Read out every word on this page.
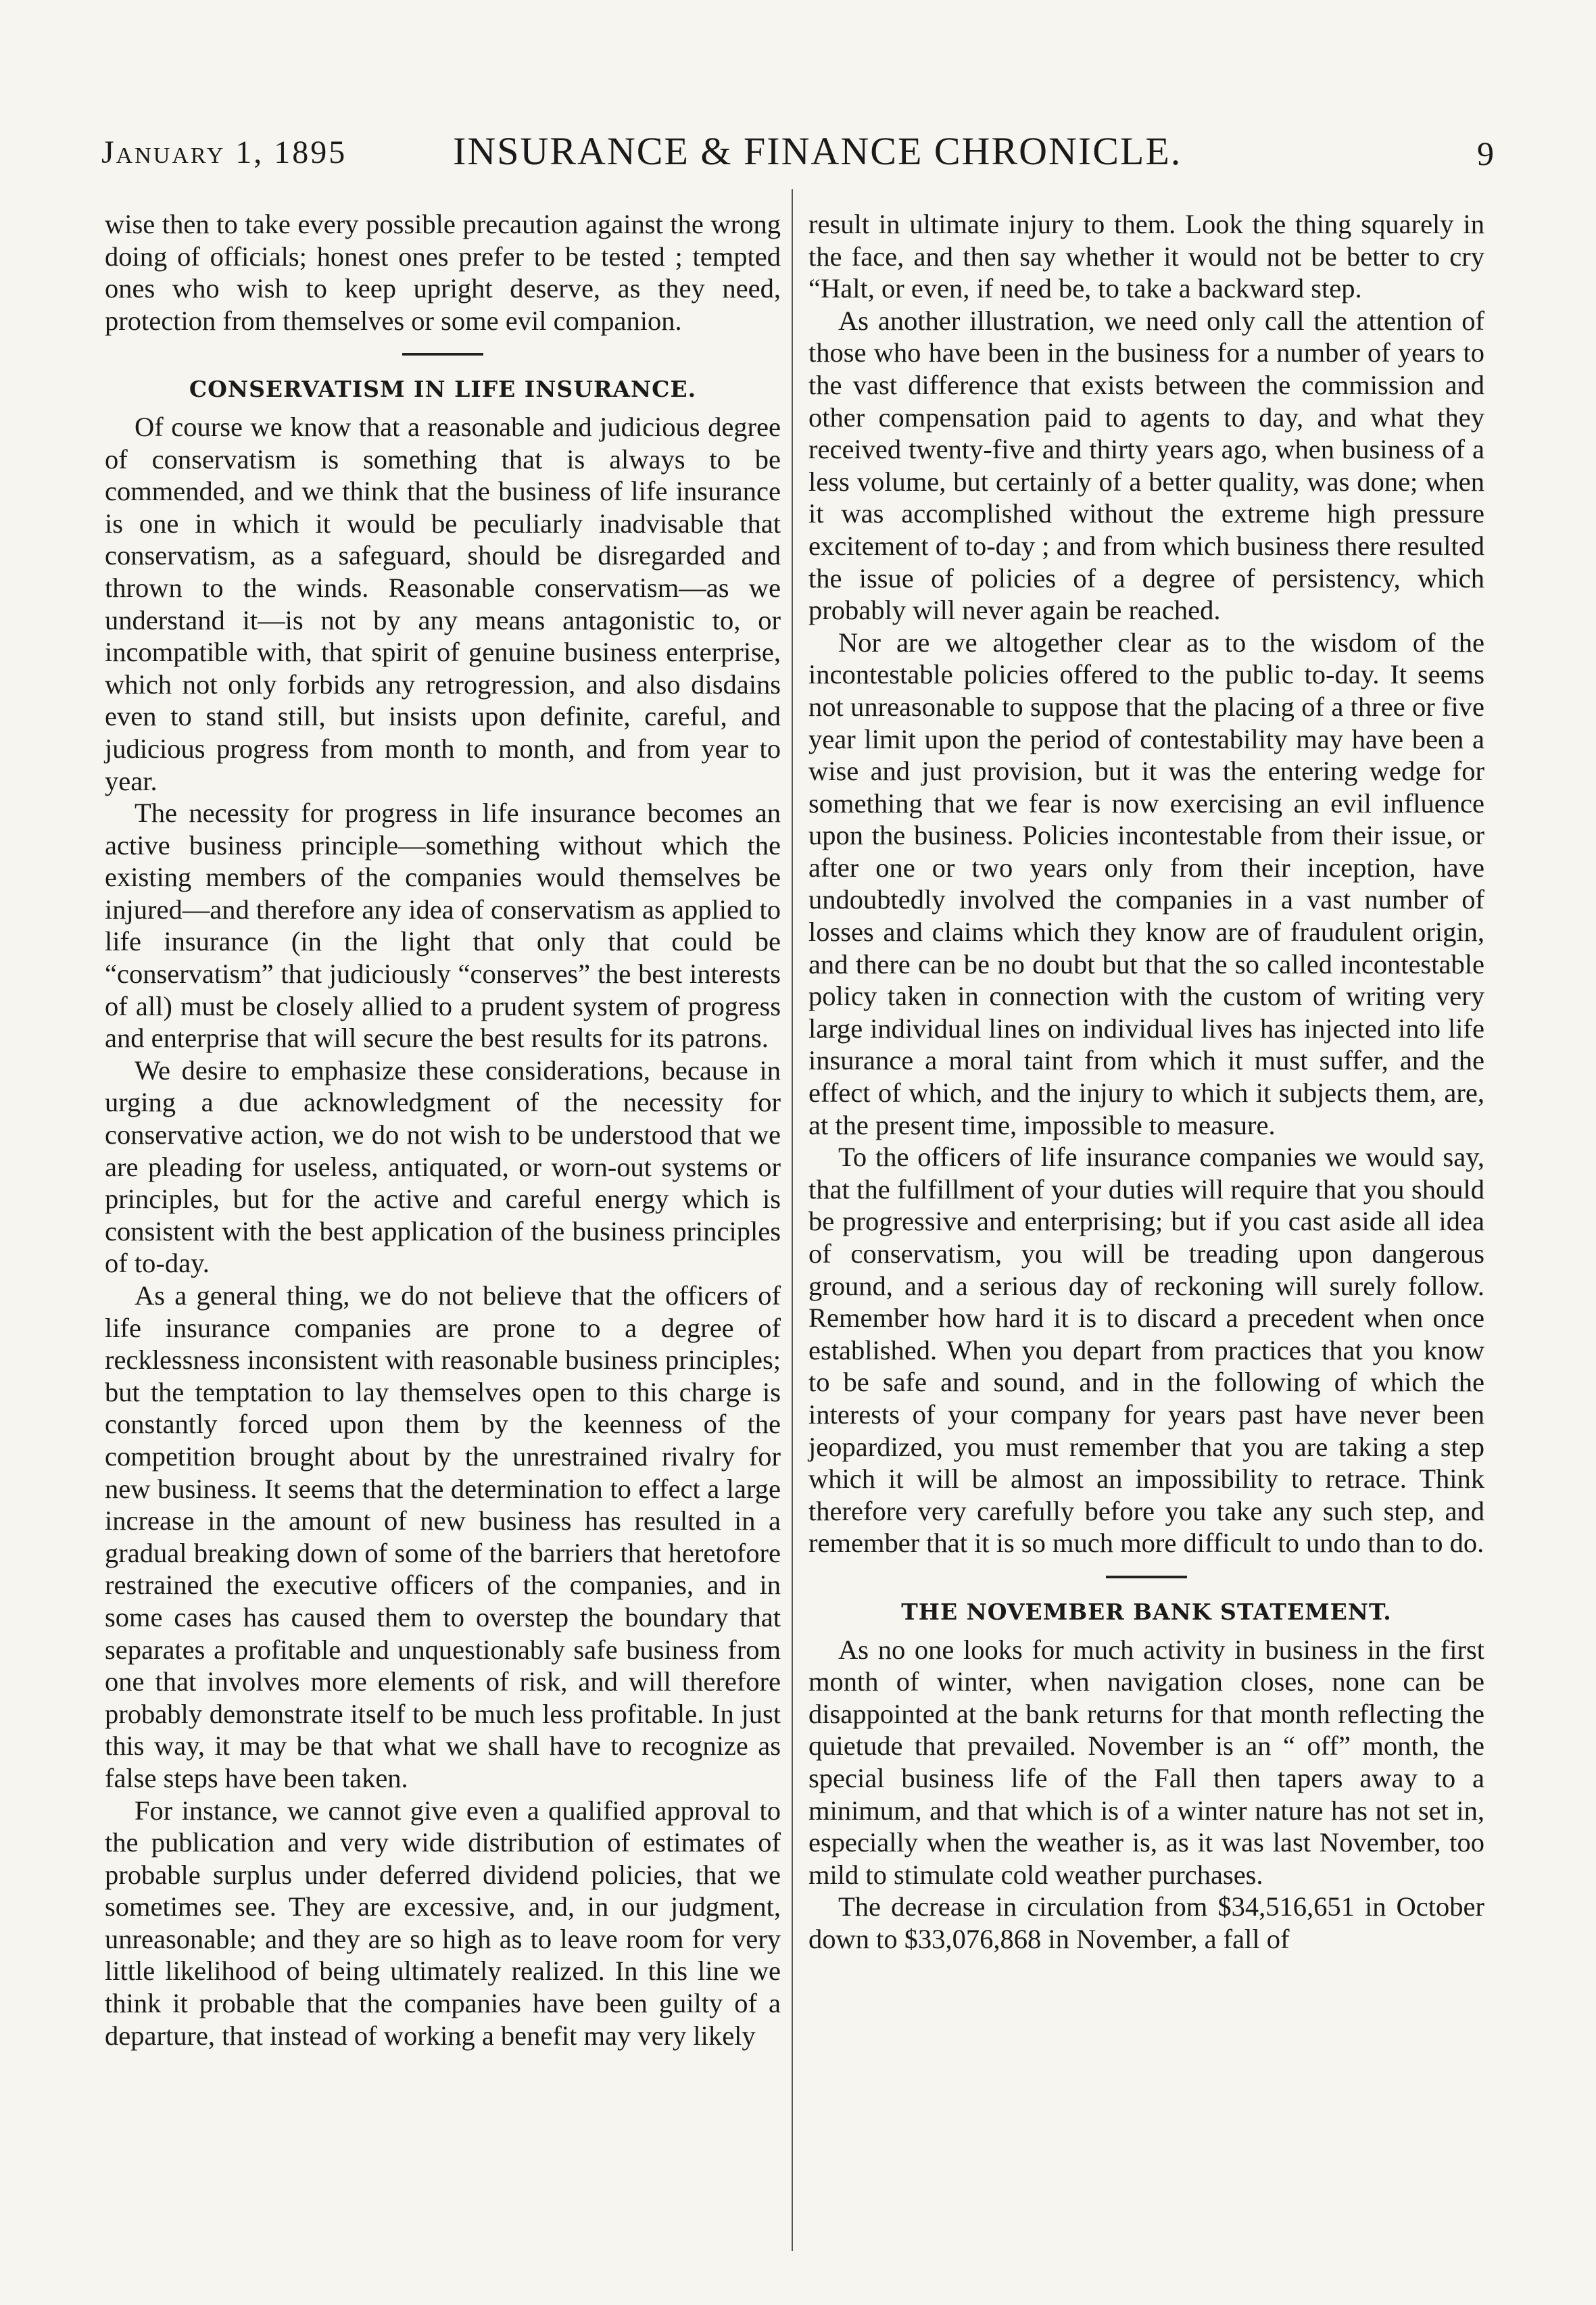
January 1, 1895	INSURANCE & FINANCE CHRONICLE.	9

wise then to take every possible precaution against the wrong doing of officials; honest ones prefer to be tested ; tempted ones who wish to keep upright deserve, as they need, protection from themselves or some evil companion.

CONSERVATISM IN LIFE INSURANCE.

Of course we know that a reasonable and judicious degree of conservatism is something that is always to be commended, and we think that the business of life insurance is one in which it would be peculiarly inadvisable that conservatism, as a safeguard, should be disregarded and thrown to the winds. Reasonable conservatism—as we understand it—is not by any means antagonistic to, or incompatible with, that spirit of genuine business enterprise, which not only forbids any retrogression, and also disdains even to stand still, but insists upon definite, careful, and judicious progress from month to month, and from year to year.

The necessity for progress in life insurance becomes an active business principle—something without which the existing members of the companies would themselves be injured—and therefore any idea of conservatism as applied to life insurance (in the light that only that could be “conservatism” that judiciously “conserves” the best interests of all) must be closely allied to a prudent system of progress and enterprise that will secure the best results for its patrons.

We desire to emphasize these considerations, because in urging a due acknowledgment of the necessity for conservative action, we do not wish to be understood that we are pleading for useless, antiquated, or worn-out systems or principles, but for the active and careful energy which is consistent with the best application of the business principles of to-day.

As a general thing, we do not believe that the officers of life insurance companies are prone to a degree of recklessness inconsistent with reasonable business principles; but the temptation to lay themselves open to this charge is constantly forced upon them by the keenness of the competition brought about by the unrestrained rivalry for new business. It seems that the determination to effect a large increase in the amount of new business has resulted in a gradual breaking down of some of the barriers that heretofore restrained the executive officers of the companies, and in some cases has caused them to overstep the boundary that separates a profitable and unquestionably safe business from one that involves more elements of risk, and will therefore probably demonstrate itself to be much less profitable. In just this way, it may be that what we shall have to recognize as false steps have been taken.

For instance, we cannot give even a qualified approval to the publication and very wide distribution of estimates of probable surplus under deferred dividend policies, that we sometimes see. They are excessive, and, in our judgment, unreasonable; and they are so high as to leave room for very little likelihood of being ultimately realized. In this line we think it probable that the companies have been guilty of a departure, that instead of working a benefit may very likely

result in ultimate injury to them. Look the thing squarely in the face, and then say whether it would not be better to cry “Halt, or even, if need be, to take a backward step.

As another illustration, we need only call the attention of those who have been in the business for a number of years to the vast difference that exists between the commission and other compensation paid to agents to day, and what they received twenty-five and thirty years ago, when business of a less volume, but certainly of a better quality, was done; when it was accomplished without the extreme high pressure excitement of to-day ; and from which business there resulted the issue of policies of a degree of persistency, which probably will never again be reached.

Nor are we altogether clear as to the wisdom of the incontestable policies offered to the public to-day. It seems not unreasonable to suppose that the placing of a three or five year limit upon the period of contestability may have been a wise and just provision, but it was the entering wedge for something that we fear is now exercising an evil influence upon the business. Policies incontestable from their issue, or after one or two years only from their inception, have undoubtedly involved the companies in a vast number of losses and claims which they know are of fraudulent origin, and there can be no doubt but that the so called incontestable policy taken in connection with the custom of writing very large individual lines on individual lives has injected into life insurance a moral taint from which it must suffer, and the effect of which, and the injury to which it subjects them, are, at the present time, impossible to measure.

To the officers of life insurance companies we would say, that the fulfillment of your duties will require that you should be progressive and enterprising; but if you cast aside all idea of conservatism, you will be treading upon dangerous ground, and a serious day of reckoning will surely follow. Remember how hard it is to discard a precedent when once established. When you depart from practices that you know to be safe and sound, and in the following of which the interests of your company for years past have never been jeopardized, you must remember that you are taking a step which it will be almost an impossibility to retrace. Think therefore very carefully before you take any such step, and remember that it is so much more difficult to undo than to do.

THE NOVEMBER BANK STATEMENT.

As no one looks for much activity in business in the first month of winter, when navigation closes, none can be disappointed at the bank returns for that month reflecting the quietude that prevailed. November is an “ off” month, the special business life of the Fall then tapers away to a minimum, and that which is of a winter nature has not set in, especially when the weather is, as it was last November, too mild to stimulate cold weather purchases.

The decrease in circulation from $34,516,651 in October down to $33,076,868 in November, a fall of
